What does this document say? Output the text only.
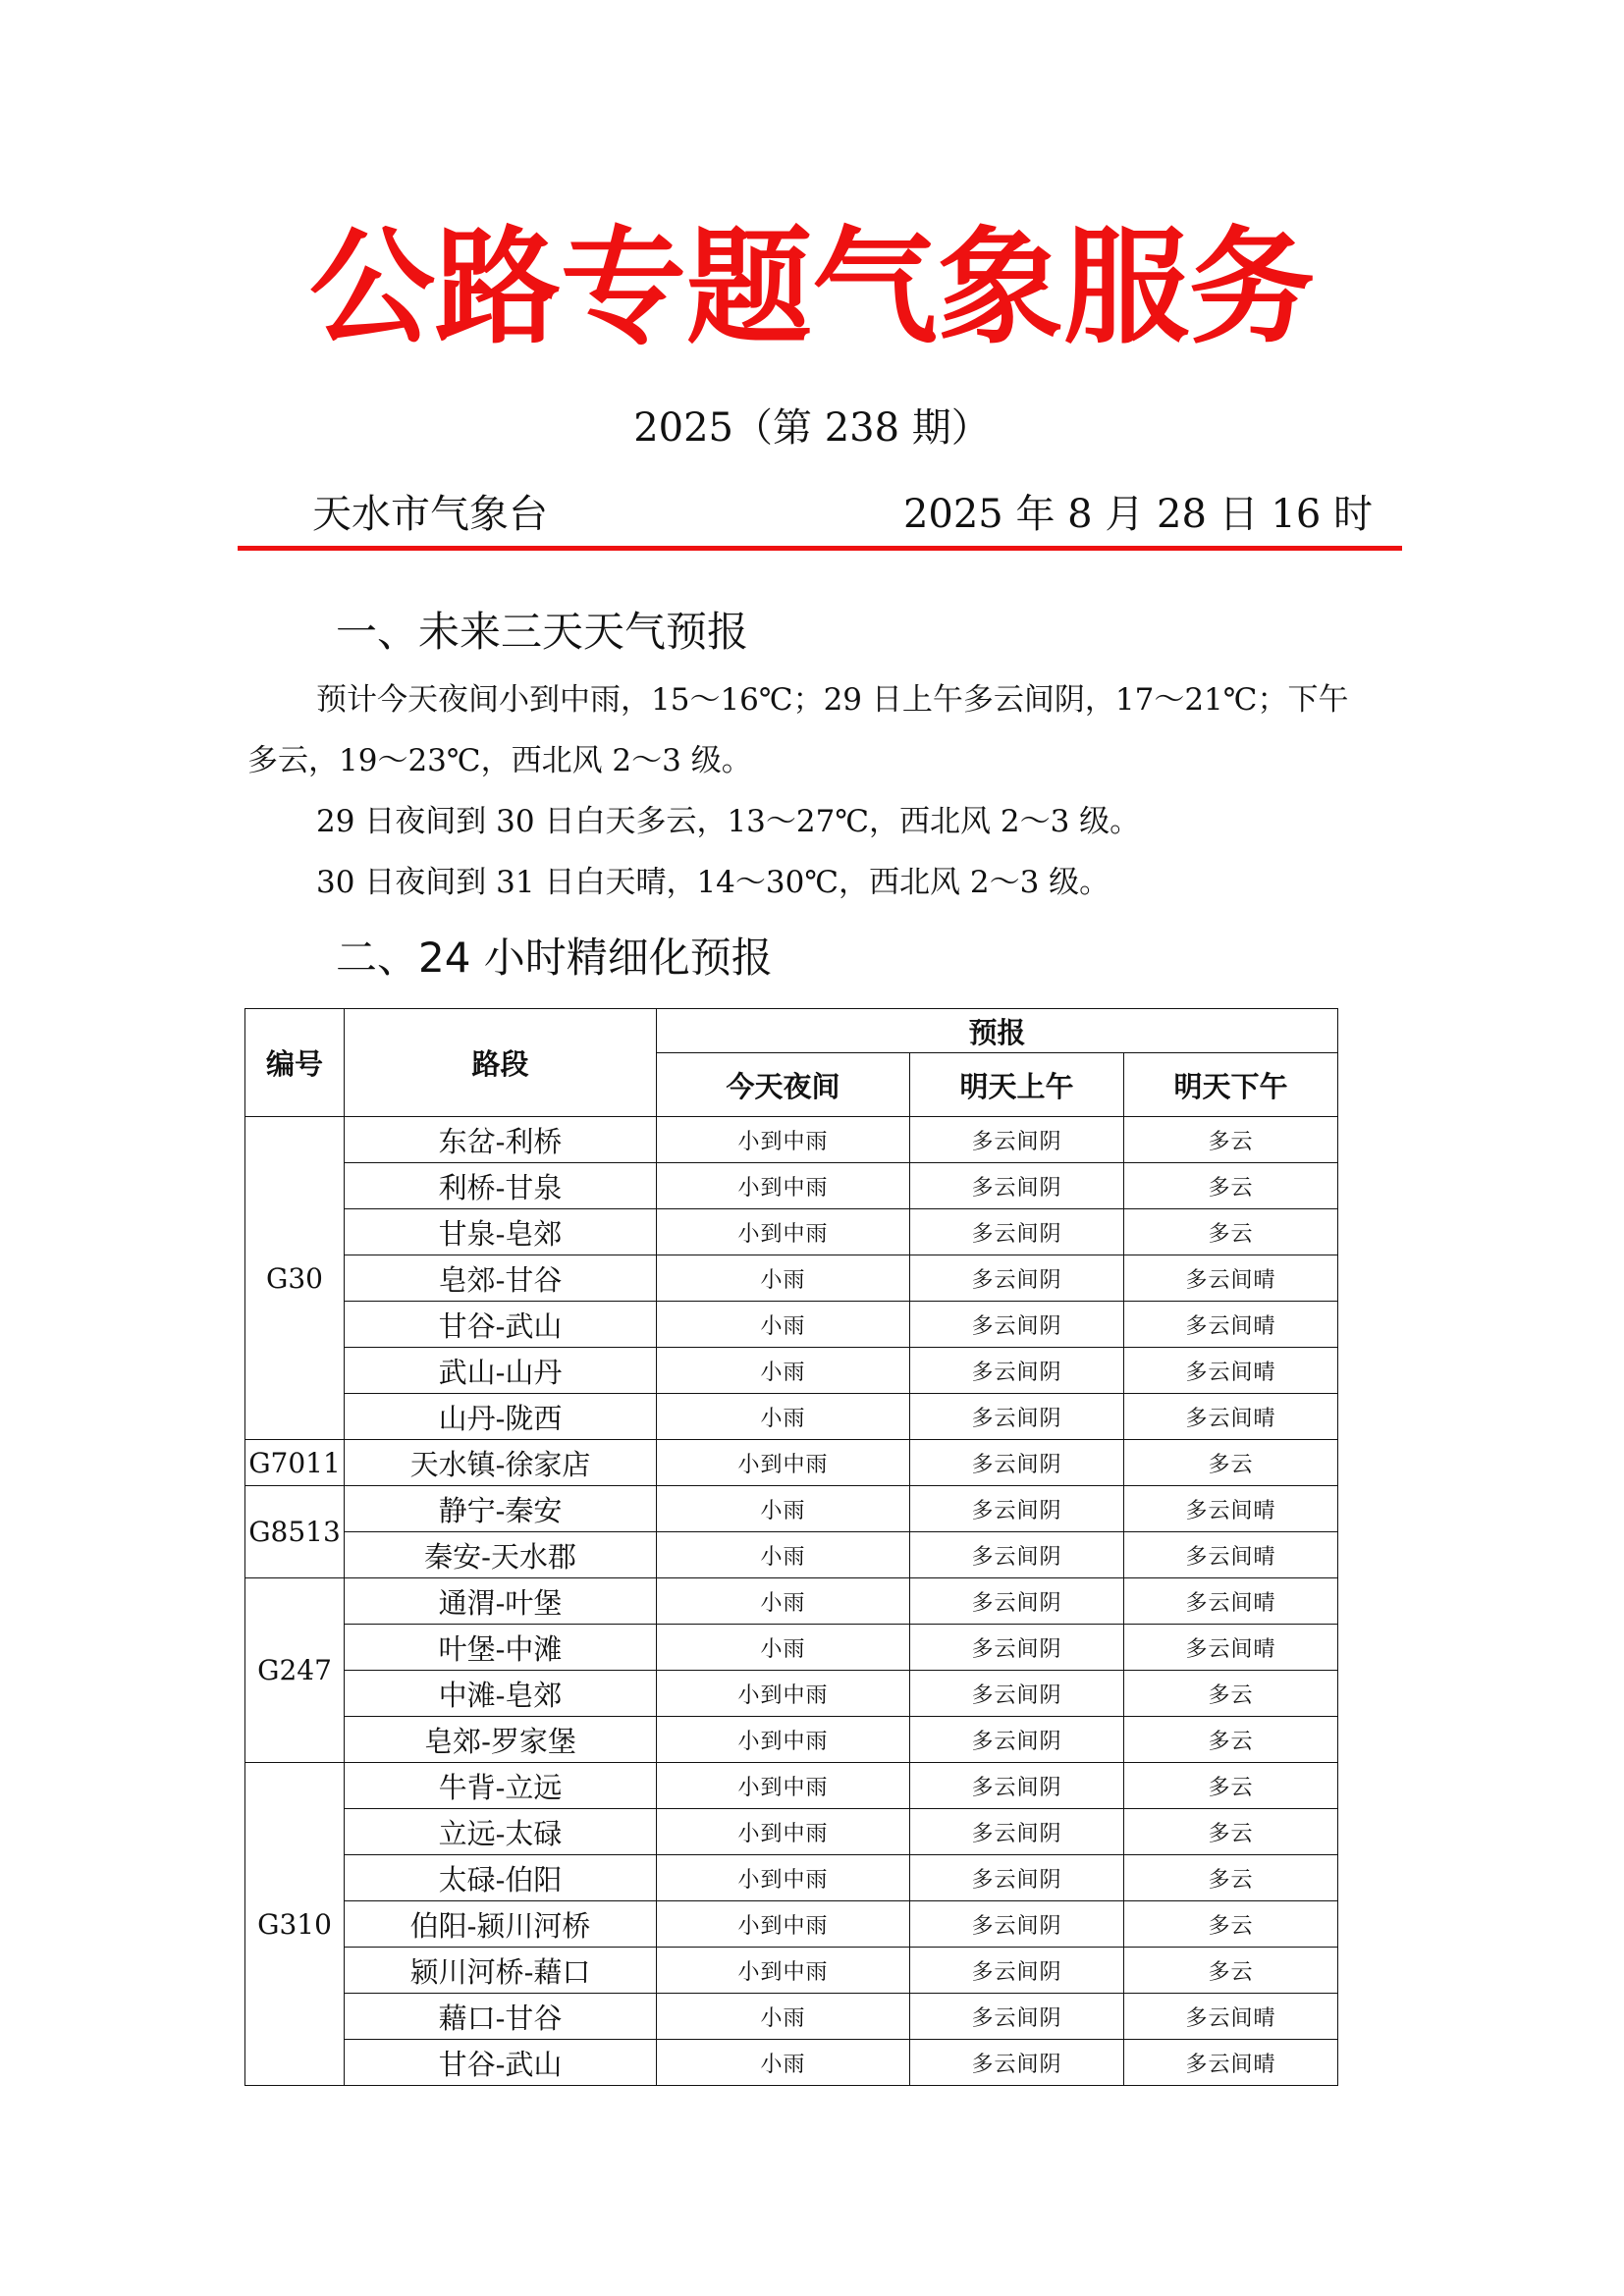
公路专题气象服务
2025（第 238 期）
天水市气象台	2025 年 8 月 28 日 16 时
一、未来三天天气预报
预计今天夜间小到中雨，15～16℃；29 日上午多云间阴，17～21℃；下午多云，19～23℃，西北风 2～3 级。
29 日夜间到 30 日白天多云，13～27℃，西北风 2～3 级。
30 日夜间到 31 日白天晴，14～30℃，西北风 2～3 级。
二、24 小时精细化预报
编号	路段	预报		
		今天夜间	明天上午	明天下午
G30	东岔-利桥	小到中雨	多云间阴	多云
	利桥-甘泉	小到中雨	多云间阴	多云
	甘泉-皂郊	小到中雨	多云间阴	多云
	皂郊-甘谷	小雨	多云间阴	多云间晴
	甘谷-武山	小雨	多云间阴	多云间晴
	武山-山丹	小雨	多云间阴	多云间晴
	山丹-陇西	小雨	多云间阴	多云间晴
G7011	天水镇-徐家店	小到中雨	多云间阴	多云
G8513	静宁-秦安	小雨	多云间阴	多云间晴
	秦安-天水郡	小雨	多云间阴	多云间晴
G247	通渭-叶堡	小雨	多云间阴	多云间晴
	叶堡-中滩	小雨	多云间阴	多云间晴
	中滩-皂郊	小到中雨	多云间阴	多云
	皂郊-罗家堡	小到中雨	多云间阴	多云
G310	牛背-立远	小到中雨	多云间阴	多云
	立远-太碌	小到中雨	多云间阴	多云
	太碌-伯阳	小到中雨	多云间阴	多云
	伯阳-颍川河桥	小到中雨	多云间阴	多云
	颍川河桥-藉口	小到中雨	多云间阴	多云
	藉口-甘谷	小雨	多云间阴	多云间晴
	甘谷-武山	小雨	多云间阴	多云间晴
